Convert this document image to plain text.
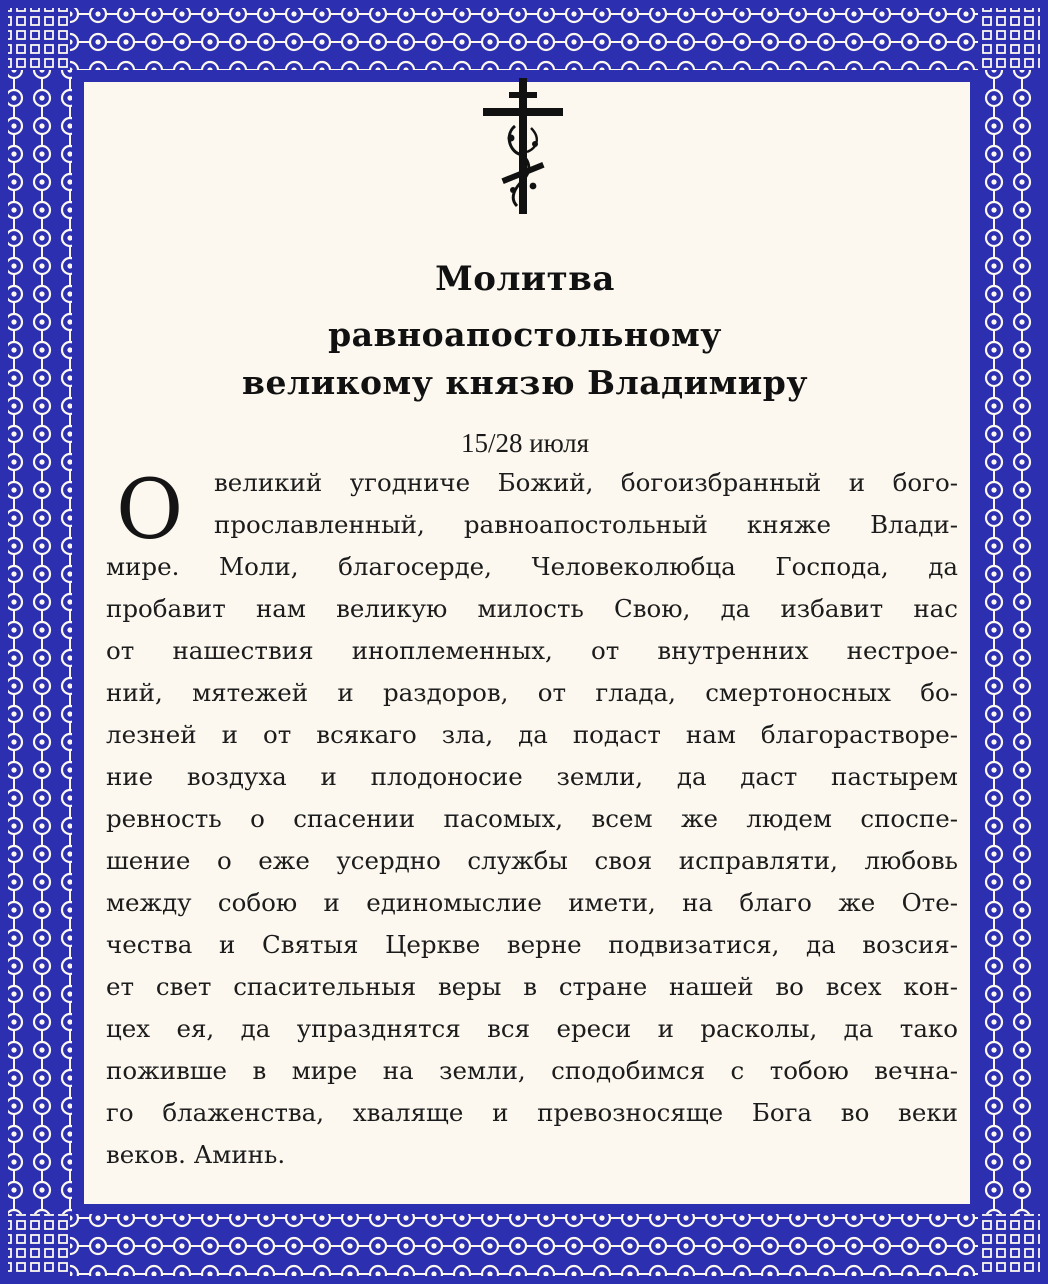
Молитва
равноапостольному
великому князю Владимиру
15/28 июля
О великий угодниче Божий, богоизбранный и бого-
прославленный, равноапостольный княже Влади-
мире. Моли, благосерде, Человеколюбца Господа, да
пробавит нам великую милость Свою, да избавит нас
от нашествия иноплеменных, от внутренних нестрое-
ний, мятежей и раздоров, от глада, смертоносных бо-
лезней и от всякаго зла, да подаст нам благорастворе-
ние воздуха и плодоносие земли, да даст пастырем
ревность о спасении пасомых, всем же людем споспе-
шение о еже усердно службы своя исправляти, любовь
между собою и единомыслие имети, на благо же Оте-
чества и Святыя Церкве верне подвизатися, да возсия-
ет свет спасительныя веры в стране нашей во всех кон-
цех ея, да упразднятся вся ереси и расколы, да тако
поживше в мире на земли, сподобимся с тобою вечна-
го блаженства, хваляще и превозносяще Бога во веки
веков. Аминь.
